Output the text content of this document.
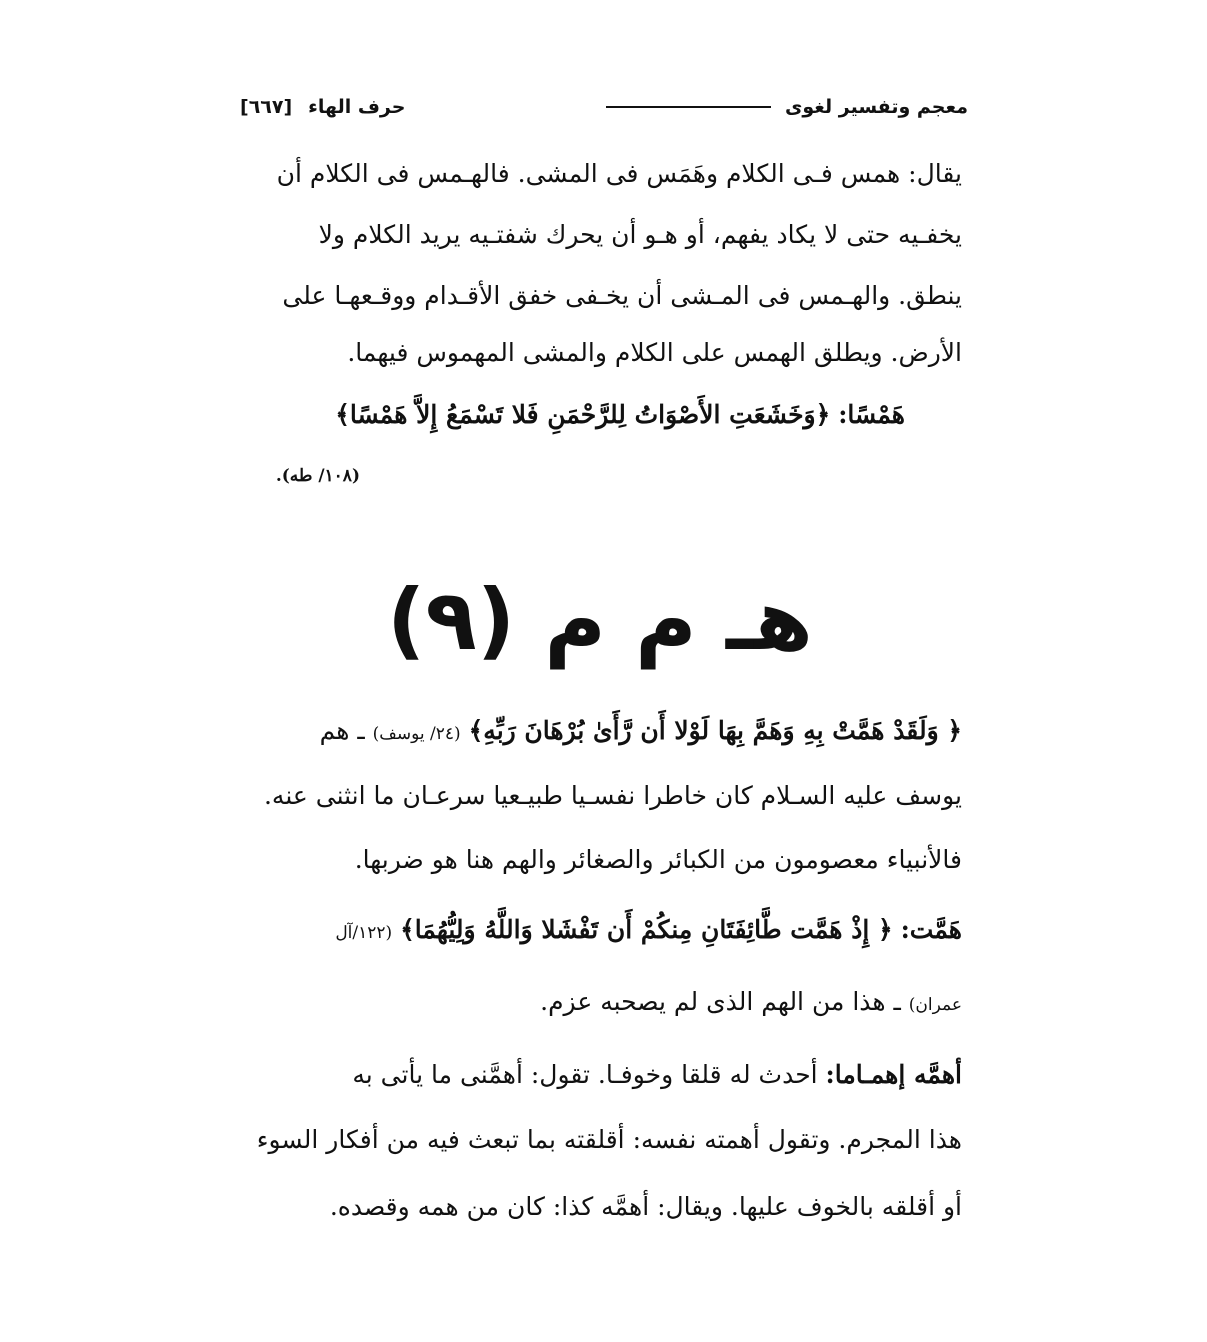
معجم وتفسير لغوى
حرف الهاء
[٦٦٧]
يقال: همس فـى الكلام وهَمَس فى المشى. فالهـمس فى الكلام أن
يخفـيه حتى لا يكاد يفهم، أو هـو أن يحرك شفتـيه يريد الكلام ولا
ينطق. والهـمس فى المـشى أن يخـفى خفق الأقـدام ووقـعهـا على
الأرض. ويطلق الهمس على الكلام والمشى المهموس فيهما.
هَمْسًا: ﴿وَخَشَعَتِ الأَصْوَاتُ لِلرَّحْمَنِ فَلا تَسْمَعُ إِلاَّ هَمْسًا﴾
(١٠٨/ طه).
هـ م م (٩)
﴿ وَلَقَدْ هَمَّتْ بِهِ وَهَمَّ بِهَا لَوْلا أَن رَّأَىٰ بُرْهَانَ رَبِّهِ﴾ (٢٤/ يوسف) ـ هم
يوسف عليه السـلام كان خاطرا نفسـيا طبيـعيا سرعـان ما انثنى عنه.
فالأنبياء معصومون من الكبائر والصغائر والهم هنا هو ضربها.
هَمَّت: ﴿ إِذْ هَمَّت طَّائِفَتَانِ مِنكُمْ أَن تَفْشَلا وَاللَّهُ وَلِيُّهُمَا﴾ (١٢٢/آل
عمران) ـ هذا من الهم الذى لم يصحبه عزم.
أهمَّه إهمـاما: أحدث له قلقا وخوفـا. تقول: أهمَّنى ما يأتى به
هذا المجرم. وتقول أهمته نفسه: أقلقته بما تبعث فيه من أفكار السوء
أو أقلقه بالخوف عليها. ويقال: أهمَّه كذا: كان من همه وقصده.
